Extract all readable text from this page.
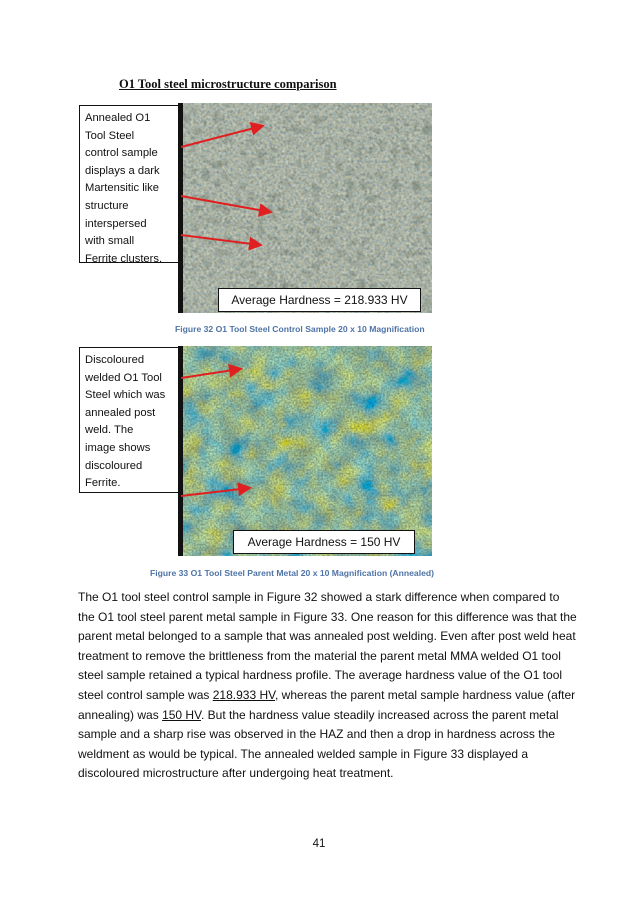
O1 Tool steel microstructure comparison
Annealed O1
Tool Steel
control sample
displays a dark
Martensitic like
structure
interspersed
with small
Ferrite clusters.
Average Hardness = 218.933 HV
Figure 32 O1 Tool Steel Control Sample 20 x 10 Magnification
Discoloured
welded O1 Tool
Steel which was
annealed post
weld. The
image shows
discoloured
Ferrite.
Average Hardness = 150 HV
Figure 33 O1 Tool Steel Parent Metal 20 x 10 Magnification (Annealed)
The O1 tool steel control sample in Figure 32 showed a stark difference when compared to
the O1 tool steel parent metal sample in Figure 33. One reason for this difference was that the
parent metal belonged to a sample that was annealed post welding. Even after post weld heat
treatment to remove the brittleness from the material the parent metal MMA welded O1 tool
steel sample retained a typical hardness profile. The average hardness value of the O1 tool
steel control sample was 218.933 HV, whereas the parent metal sample hardness value (after
annealing) was 150 HV. But the hardness value steadily increased across the parent metal
sample and a sharp rise was observed in the HAZ and then a drop in hardness across the
weldment as would be typical. The annealed welded sample in Figure 33 displayed a
discoloured microstructure after undergoing heat treatment.
41
